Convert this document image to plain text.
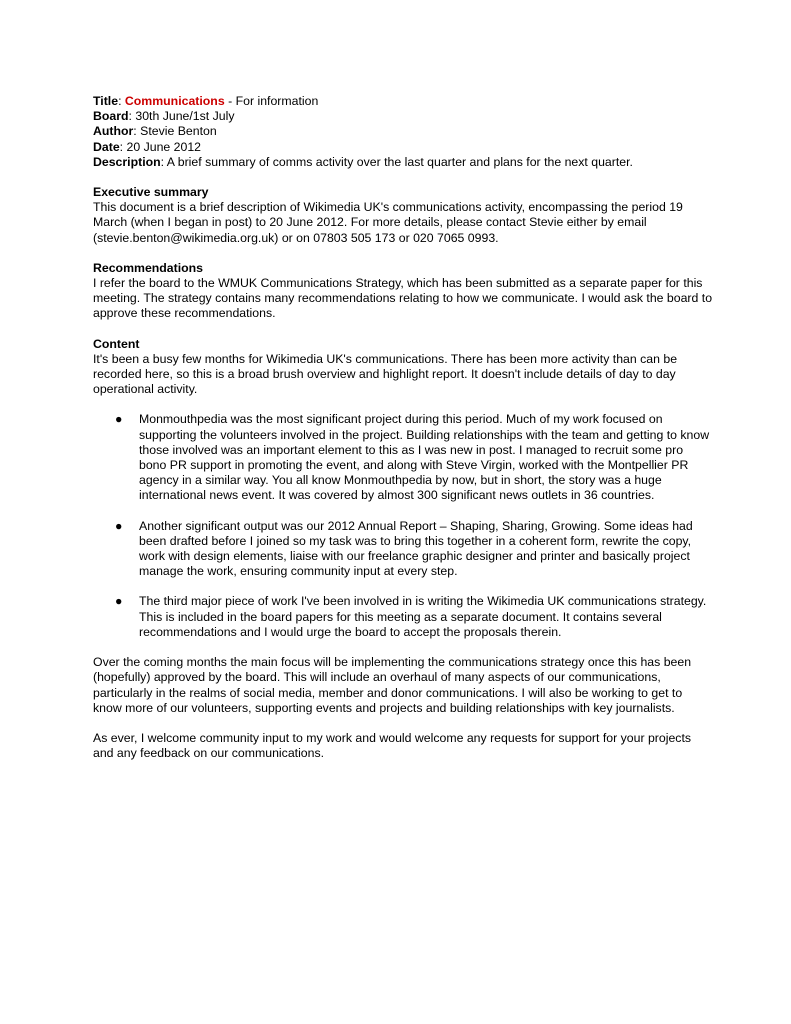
Title: Communications - For information

Board: 30th June/1st July

Author: Stevie Benton

Date: 20 June 2012

Description: A brief summary of comms activity over the last quarter and plans for the next quarter.

Executive summary

This document is a brief description of Wikimedia UK's communications activity, encompassing the period 19 March (when I began in post) to 20 June 2012. For more details, please contact Stevie either by email (stevie.benton@wikimedia.org.uk) or on 07803 505 173 or 020 7065 0993.

Recommendations

I refer the board to the WMUK Communications Strategy, which has been submitted as a separate paper for this meeting. The strategy contains many recommendations relating to how we communicate. I would ask the board to approve these recommendations.

Content

It's been a busy few months for Wikimedia UK's communications. There has been more activity than can be recorded here, so this is a broad brush overview and highlight report. It doesn't include details of day to day operational activity.

● Monmouthpedia was the most significant project during this period. Much of my work focused on supporting the volunteers involved in the project. Building relationships with the team and getting to know those involved was an important element to this as I was new in post. I managed to recruit some pro bono PR support in promoting the event, and along with Steve Virgin, worked with the Montpellier PR agency in a similar way. You all know Monmouthpedia by now, but in short, the story was a huge international news event. It was covered by almost 300 significant news outlets in 36 countries.
● Another significant output was our 2012 Annual Report – Shaping, Sharing, Growing. Some ideas had been drafted before I joined so my task was to bring this together in a coherent form, rewrite the copy, work with design elements, liaise with our freelance graphic designer and printer and basically project manage the work, ensuring community input at every step.
● The third major piece of work I've been involved in is writing the Wikimedia UK communications strategy. This is included in the board papers for this meeting as a separate document. It contains several recommendations and I would urge the board to accept the proposals therein.

Over the coming months the main focus will be implementing the communications strategy once this has been (hopefully) approved by the board. This will include an overhaul of many aspects of our communications, particularly in the realms of social media, member and donor communications. I will also be working to get to know more of our volunteers, supporting events and projects and building relationships with key journalists.

As ever, I welcome community input to my work and would welcome any requests for support for your projects and any feedback on our communications.
